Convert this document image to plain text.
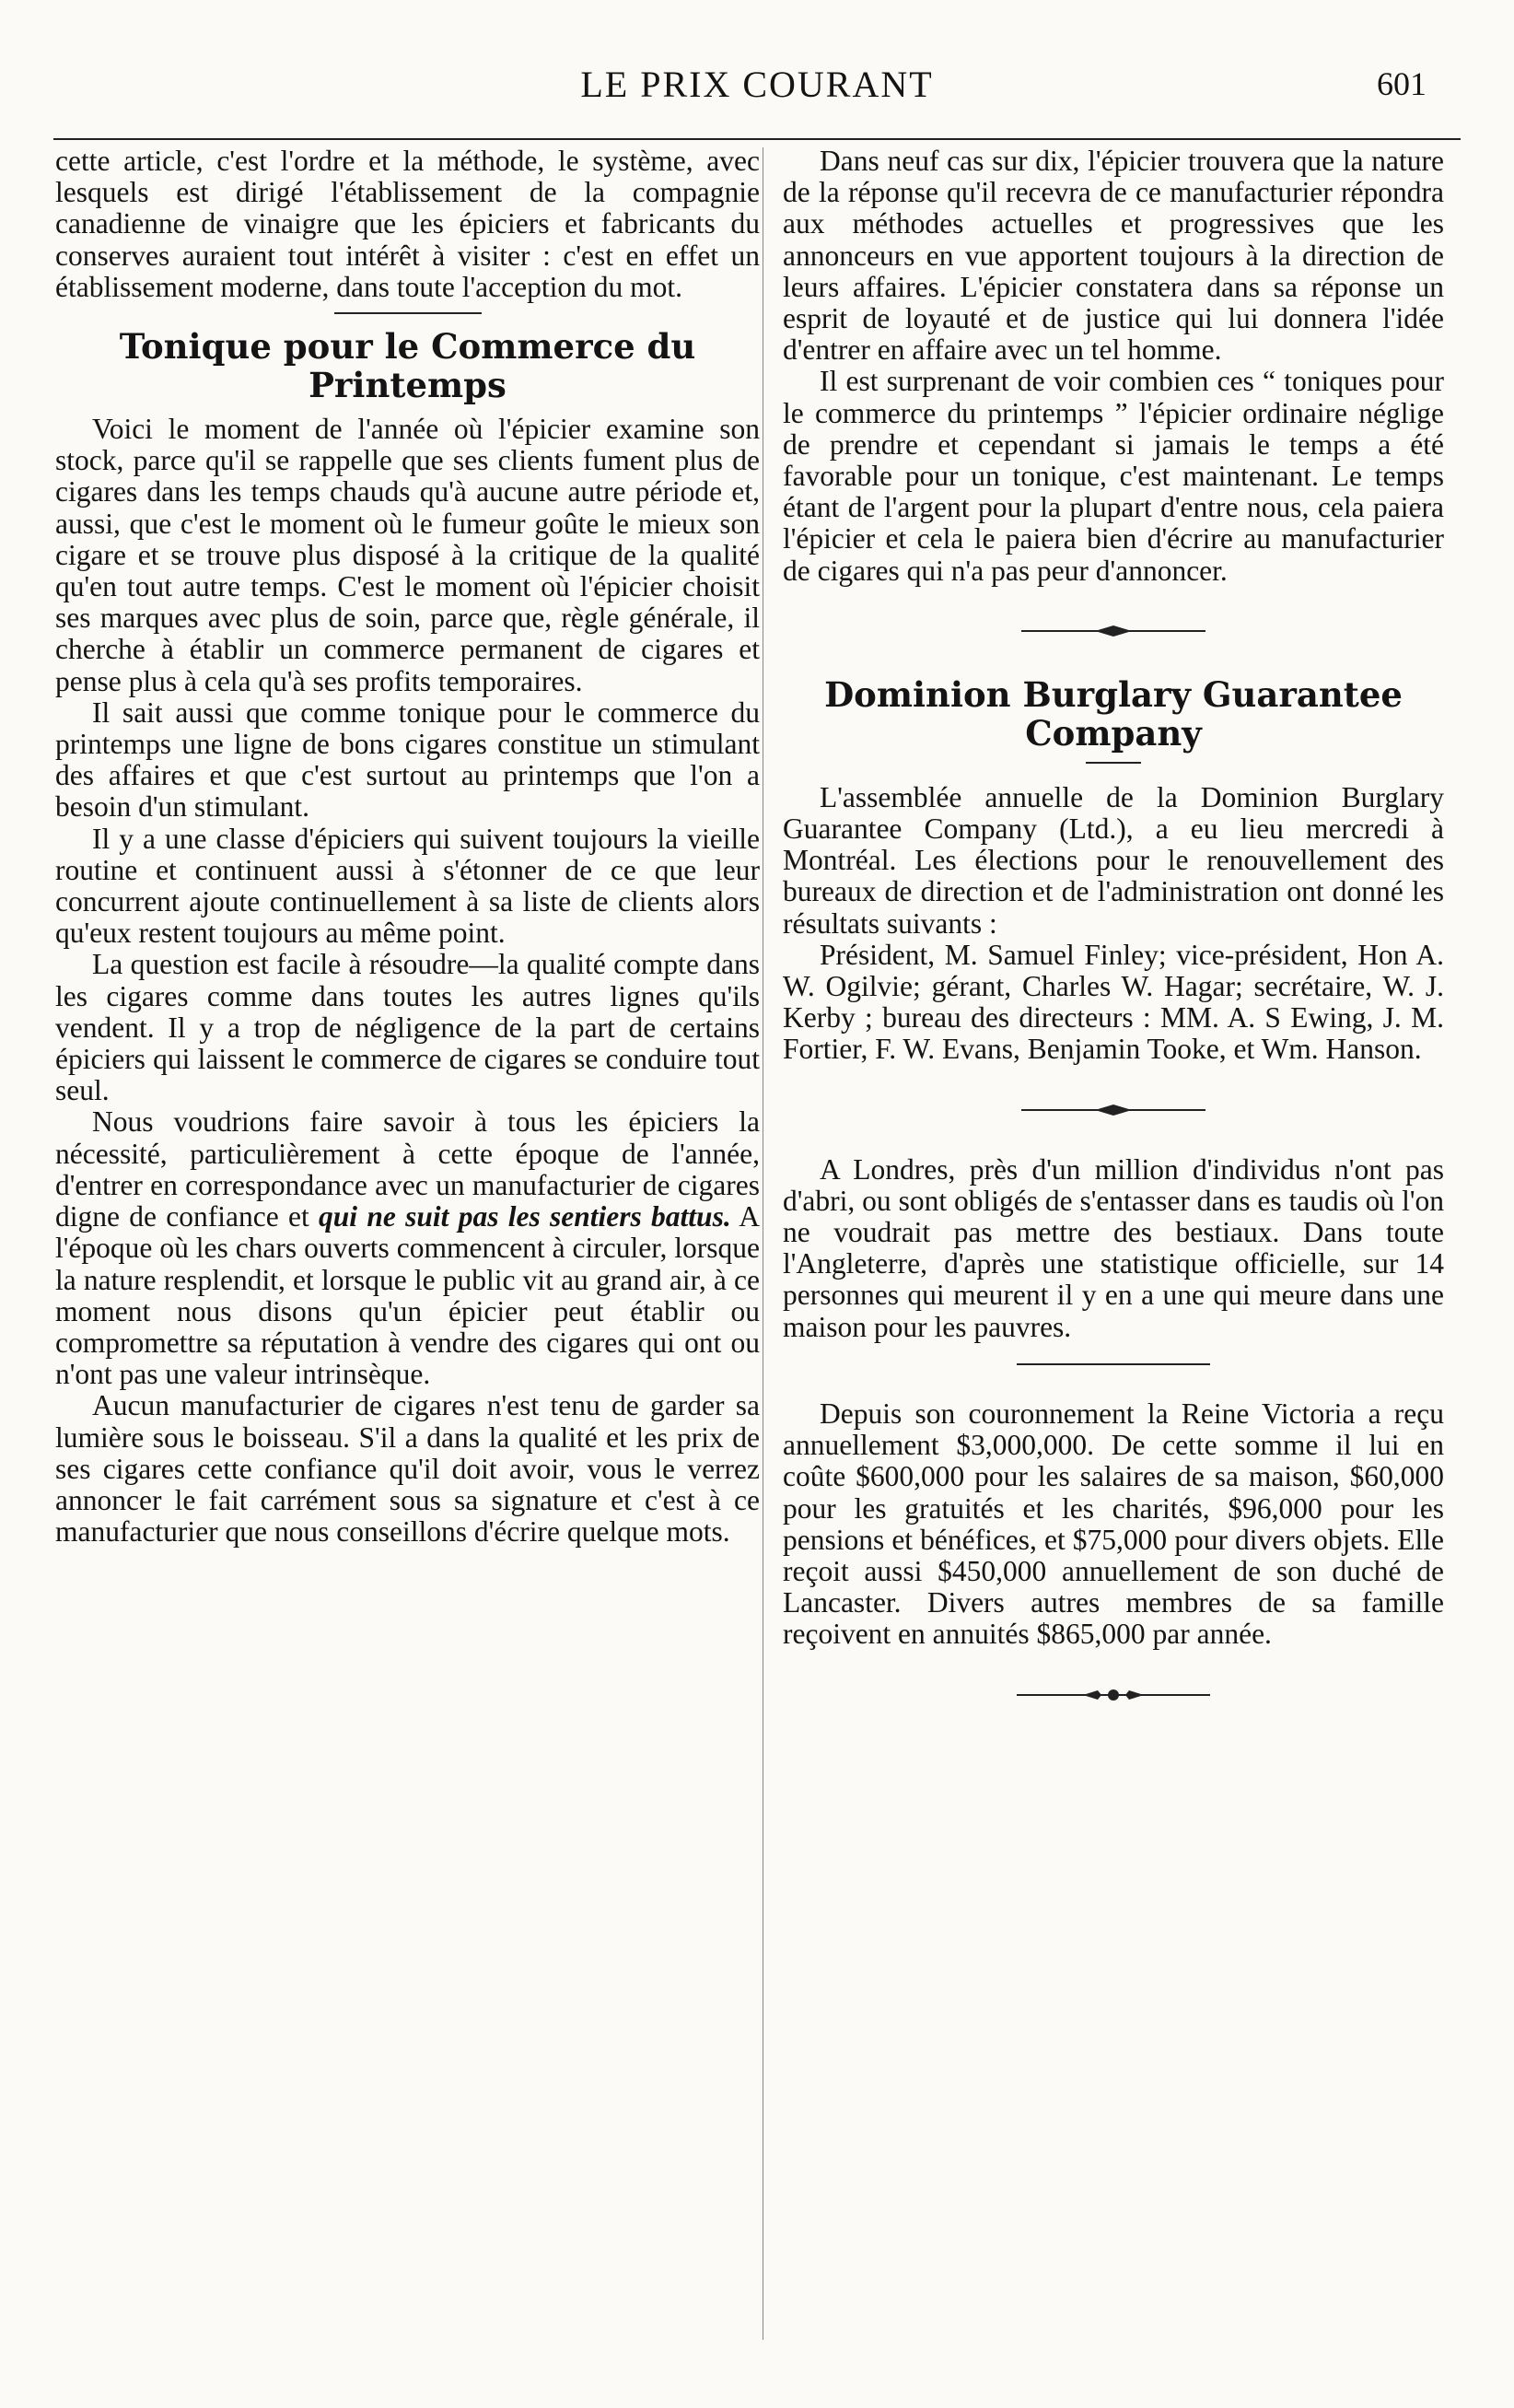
LE PRIX COURANT	601

cette article, c'est l'ordre et la méthode, le système, avec lesquels est dirigé l'établissement de la compagnie canadienne de vinaigre que les épiciers et fabricants du conserves auraient tout intérêt à visiter : c'est en effet un établissement moderne, dans toute l'acception du mot.

Tonique pour le Commerce du Printemps

Voici le moment de l'année où l'épicier examine son stock, parce qu'il se rappelle que ses clients fument plus de cigares dans les temps chauds qu'à aucune autre période et, aussi, que c'est le moment où le fumeur goûte le mieux son cigare et se trouve plus disposé à la critique de la qualité qu'en tout autre temps. C'est le moment où l'épicier choisit ses marques avec plus de soin, parce que, règle générale, il cherche à établir un commerce permanent de cigares et pense plus à cela qu'à ses profits temporaires.

Il sait aussi que comme tonique pour le commerce du printemps une ligne de bons cigares constitue un stimulant des affaires et que c'est surtout au printemps que l'on a besoin d'un stimulant.

Il y a une classe d'épiciers qui suivent toujours la vieille routine et continuent aussi à s'étonner de ce que leur concurrent ajoute continuellement à sa liste de clients alors qu'eux restent toujours au même point.

La question est facile à résoudre—la qualité compte dans les cigares comme dans toutes les autres lignes qu'ils vendent. Il y a trop de négligence de la part de certains épiciers qui laissent le commerce de cigares se conduire tout seul.

Nous voudrions faire savoir à tous les épiciers la nécessité, particulièrement à cette époque de l'année, d'entrer en correspondance avec un manufacturier de cigares digne de confiance et qui ne suit pas les sentiers battus. A l'époque où les chars ouverts commencent à circuler, lorsque la nature resplendit, et lorsque le public vit au grand air, à ce moment nous disons qu'un épicier peut établir ou compromettre sa réputation à vendre des cigares qui ont ou n'ont pas une valeur intrinsèque.

Aucun manufacturier de cigares n'est tenu de garder sa lumière sous le boisseau. S'il a dans la qualité et les prix de ses cigares cette confiance qu'il doit avoir, vous le verrez annoncer le fait carrément sous sa signature et c'est à ce manufacturier que nous conseillons d'écrire quelque mots.

Dans neuf cas sur dix, l'épicier trouvera que la nature de la réponse qu'il recevra de ce manufacturier répondra aux méthodes actuelles et progressives que les annonceurs en vue apportent toujours à la direction de leurs affaires. L'épicier constatera dans sa réponse un esprit de loyauté et de justice qui lui donnera l'idée d'entrer en affaire avec un tel homme.

Il est surprenant de voir combien ces “ toniques pour le commerce du printemps ” l'épicier ordinaire néglige de prendre et cependant si jamais le temps a été favorable pour un tonique, c'est maintenant. Le temps étant de l'argent pour la plupart d'entre nous, cela paiera l'épicier et cela le paiera bien d'écrire au manufacturier de cigares qui n'a pas peur d'annoncer.

Dominion Burglary Guarantee Company

L'assemblée annuelle de la Dominion Burglary Guarantee Company (Ltd.), a eu lieu mercredi à Montréal. Les élections pour le renouvellement des bureaux de direction et de l'administration ont donné les résultats suivants :

Président, M. Samuel Finley; vice-président, Hon A. W. Ogilvie; gérant, Charles W. Hagar; secrétaire, W. J. Kerby ; bureau des directeurs : MM. A. S Ewing, J. M. Fortier, F. W. Evans, Benjamin Tooke, et Wm. Hanson.

A Londres, près d'un million d'individus n'ont pas d'abri, ou sont obligés de s'entasser dans es taudis où l'on ne voudrait pas mettre des bestiaux. Dans toute l'Angleterre, d'après une statistique officielle, sur 14 personnes qui meurent il y en a une qui meure dans une maison pour les pauvres.

Depuis son couronnement la Reine Victoria a reçu annuellement $3,000,000. De cette somme il lui en coûte $600,000 pour les salaires de sa maison, $60,000 pour les gratuités et les charités, $96,000 pour les pensions et bénéfices, et $75,000 pour divers objets. Elle reçoit aussi $450,000 annuellement de son duché de Lancaster. Divers autres membres de sa famille reçoivent en annuités $865,000 par année.
